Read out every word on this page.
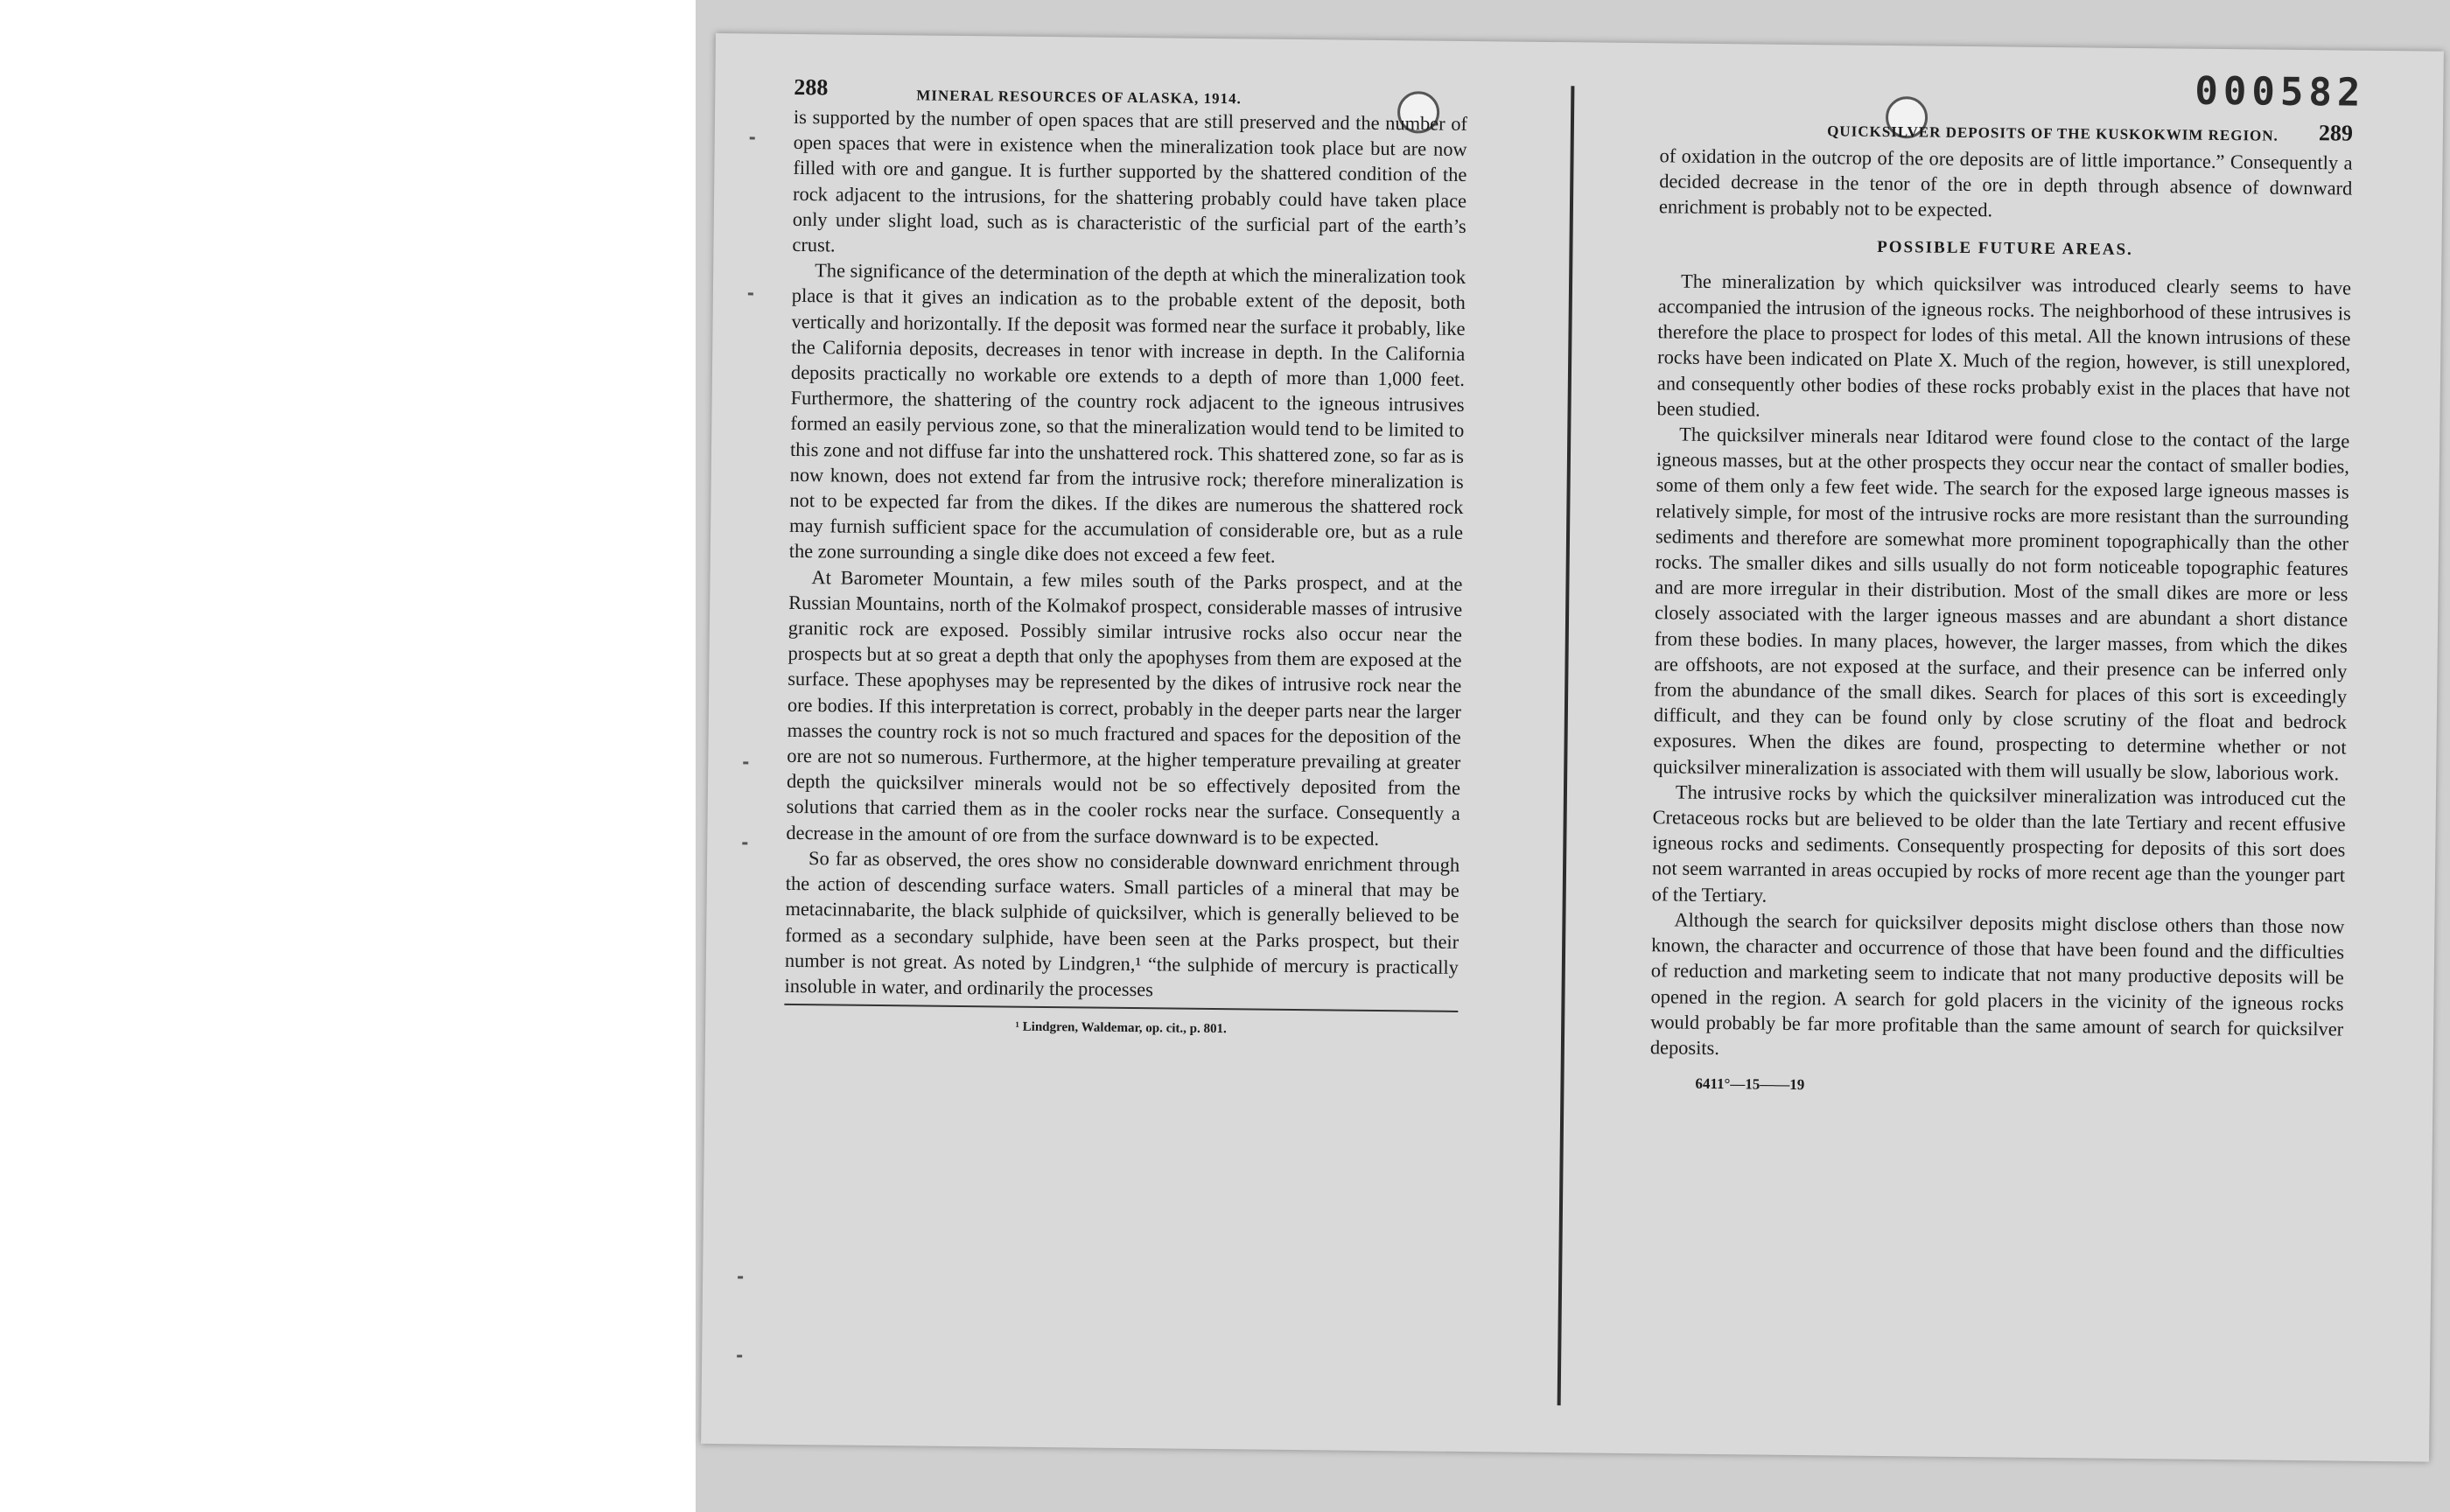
288	MINERAL RESOURCES OF ALASKA, 1914.

is supported by the number of open spaces that are still preserved and the number of open spaces that were in existence when the mineralization took place but are now filled with ore and gangue. It is further supported by the shattered condition of the rock adjacent to the intrusions, for the shattering probably could have taken place only under slight load, such as is characteristic of the surficial part of the earth’s crust.

The significance of the determination of the depth at which the mineralization took place is that it gives an indication as to the probable extent of the deposit, both vertically and horizontally. If the deposit was formed near the surface it probably, like the California deposits, decreases in tenor with increase in depth. In the California deposits practically no workable ore extends to a depth of more than 1,000 feet. Furthermore, the shattering of the country rock adjacent to the igneous intrusives formed an easily pervious zone, so that the mineralization would tend to be limited to this zone and not diffuse far into the unshattered rock. This shattered zone, so far as is now known, does not extend far from the intrusive rock; therefore mineralization is not to be expected far from the dikes. If the dikes are numerous the shattered rock may furnish sufficient space for the accumulation of considerable ore, but as a rule the zone surrounding a single dike does not exceed a few feet.

At Barometer Mountain, a few miles south of the Parks prospect, and at the Russian Mountains, north of the Kolmakof prospect, considerable masses of intrusive granitic rock are exposed. Possibly similar intrusive rocks also occur near the prospects but at so great a depth that only the apophyses from them are exposed at the surface. These apophyses may be represented by the dikes of intrusive rock near the ore bodies. If this interpretation is correct, probably in the deeper parts near the larger masses the country rock is not so much fractured and spaces for the deposition of the ore are not so numerous. Furthermore, at the higher temperature prevailing at greater depth the quicksilver minerals would not be so effectively deposited from the solutions that carried them as in the cooler rocks near the surface. Consequently a decrease in the amount of ore from the surface downward is to be expected.

So far as observed, the ores show no considerable downward enrichment through the action of descending surface waters. Small particles of a mineral that may be metacinnabarite, the black sulphide of quicksilver, which is generally believed to be formed as a secondary sulphide, have been seen at the Parks prospect, but their number is not great. As noted by Lindgren,¹ “the sulphide of mercury is practically insoluble in water, and ordinarily the processes

¹ Lindgren, Waldemar, op. cit., p. 801.
000582
QUICKSILVER DEPOSITS OF THE KUSKOKWIM REGION. 289

of oxidation in the outcrop of the ore deposits are of little importance.” Consequently a decided decrease in the tenor of the ore in depth through absence of downward enrichment is probably not to be expected.

POSSIBLE FUTURE AREAS.

The mineralization by which quicksilver was introduced clearly seems to have accompanied the intrusion of the igneous rocks. The neighborhood of these intrusives is therefore the place to prospect for lodes of this metal. All the known intrusions of these rocks have been indicated on Plate X. Much of the region, however, is still unexplored, and consequently other bodies of these rocks probably exist in the places that have not been studied.

The quicksilver minerals near Iditarod were found close to the contact of the large igneous masses, but at the other prospects they occur near the contact of smaller bodies, some of them only a few feet wide. The search for the exposed large igneous masses is relatively simple, for most of the intrusive rocks are more resistant than the surrounding sediments and therefore are somewhat more prominent topographically than the other rocks. The smaller dikes and sills usually do not form noticeable topographic features and are more irregular in their distribution. Most of the small dikes are more or less closely associated with the larger igneous masses and are abundant a short distance from these bodies. In many places, however, the larger masses, from which the dikes are offshoots, are not exposed at the surface, and their presence can be inferred only from the abundance of the small dikes. Search for places of this sort is exceedingly difficult, and they can be found only by close scrutiny of the float and bedrock exposures. When the dikes are found, prospecting to determine whether or not quicksilver mineralization is associated with them will usually be slow, laborious work.

The intrusive rocks by which the quicksilver mineralization was introduced cut the Cretaceous rocks but are believed to be older than the late Tertiary and recent effusive igneous rocks and sediments. Consequently prospecting for deposits of this sort does not seem warranted in areas occupied by rocks of more recent age than the younger part of the Tertiary.

Although the search for quicksilver deposits might disclose others than those now known, the character and occurrence of those that have been found and the difficulties of reduction and marketing seem to indicate that not many productive deposits will be opened in the region. A search for gold placers in the vicinity of the igneous rocks would probably be far more profitable than the same amount of search for quicksilver deposits.

6411°—15——19
